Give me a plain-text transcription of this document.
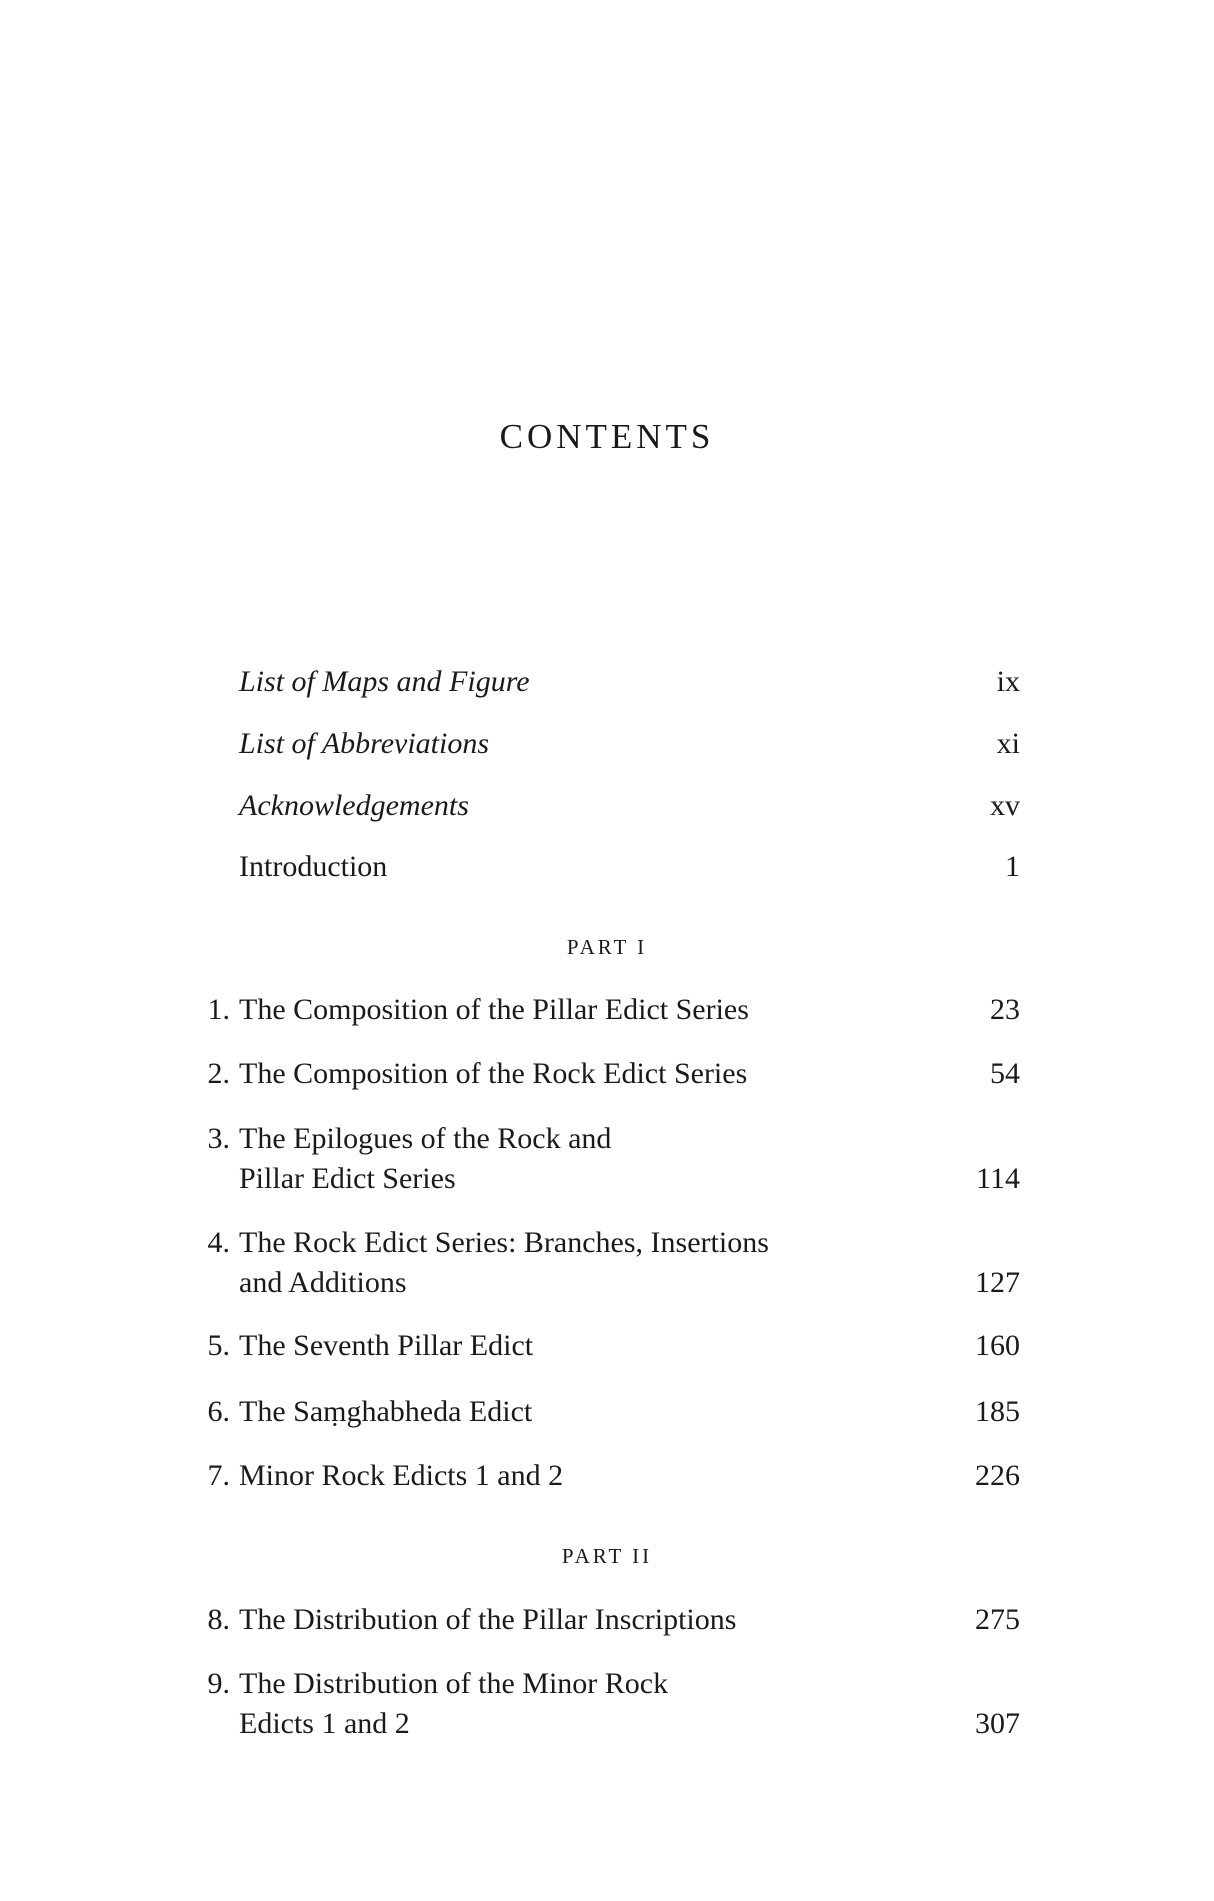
CONTENTS
List of Maps and Figure	ix
List of Abbreviations	xi
Acknowledgements	xv
Introduction	1
PART I
1. The Composition of the Pillar Edict Series	23
2. The Composition of the Rock Edict Series	54
3. The Epilogues of the Rock and
Pillar Edict Series	114
4. The Rock Edict Series: Branches, Insertions
and Additions	127
5. The Seventh Pillar Edict	160
6. The Saṃghabheda Edict	185
7. Minor Rock Edicts 1 and 2	226
PART II
8. The Distribution of the Pillar Inscriptions	275
9. The Distribution of the Minor Rock
Edicts 1 and 2	307
